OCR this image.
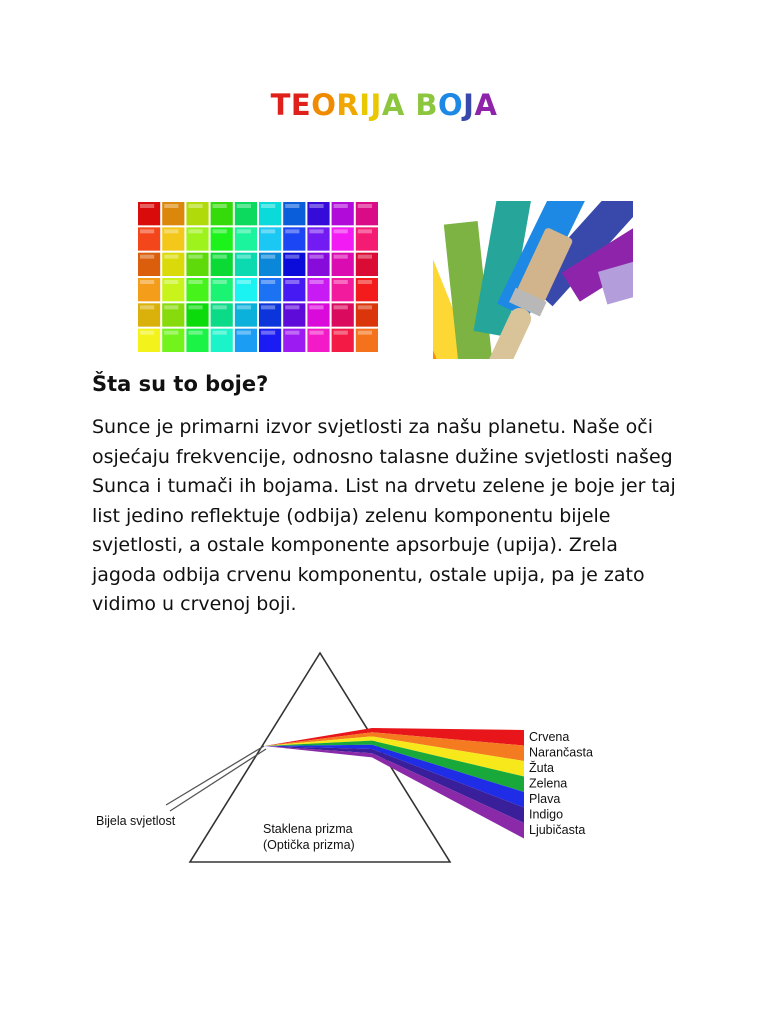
TEORIJA BOJA
Šta su to boje?
Sunce je primarni izvor svjetlosti za našu planetu. Naše oči
osjećaju frekvencije, odnosno talasne dužine svjetlosti našeg
Sunca i tumači ih bojama. List na drvetu zelene je boje jer taj
list jedino reflektuje (odbija) zelenu komponentu bijele
svjetlosti, a ostale komponente apsorbuje (upija). Zrela
jagoda odbija crvenu komponentu, ostale upija, pa je zato
vidimo u crvenoj boji.
Bijela svjetlost
Staklena prizma
(Optička prizma)
Crvena
Narančasta
Žuta
Zelena
Plava
Indigo
Ljubičasta
